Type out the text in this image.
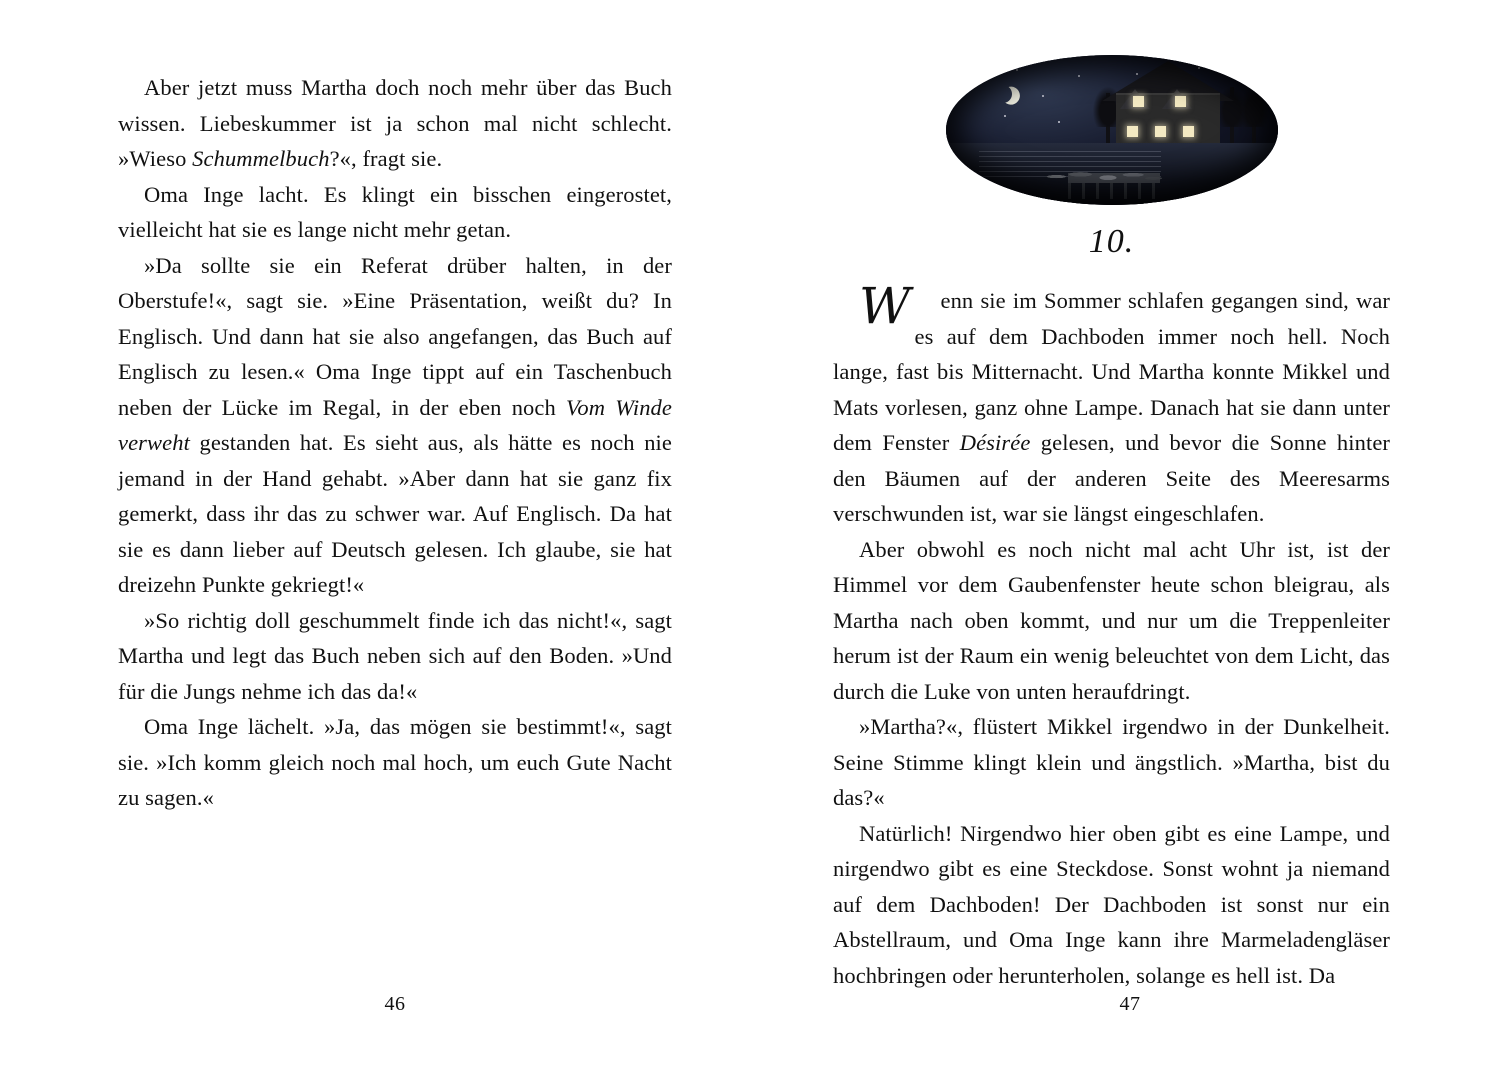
Aber jetzt muss Martha doch noch mehr über das Buch wissen. Liebeskummer ist ja schon mal nicht schlecht. »Wieso Schummelbuch?«, fragt sie.

Oma Inge lacht. Es klingt ein bisschen eingerostet, vielleicht hat sie es lange nicht mehr getan.

»Da sollte sie ein Referat drüber halten, in der Oberstufe!«, sagt sie. »Eine Präsentation, weißt du? In Englisch. Und dann hat sie also angefangen, das Buch auf Englisch zu lesen.« Oma Inge tippt auf ein Taschenbuch neben der Lücke im Regal, in der eben noch Vom Winde verweht gestanden hat. Es sieht aus, als hätte es noch nie jemand in der Hand gehabt. »Aber dann hat sie ganz fix gemerkt, dass ihr das zu schwer war. Auf Englisch. Da hat sie es dann lieber auf Deutsch gelesen. Ich glaube, sie hat dreizehn Punkte gekriegt!«

»So richtig doll geschummelt finde ich das nicht!«, sagt Martha und legt das Buch neben sich auf den Boden. »Und für die Jungs nehme ich das da!«

Oma Inge lächelt. »Ja, das mögen sie bestimmt!«, sagt sie. »Ich komm gleich noch mal hoch, um euch Gute Nacht zu sagen.«

46
10.

W enn sie im Sommer schlafen gegangen sind, war es auf dem Dachboden immer noch hell. Noch lange, fast bis Mitternacht. Und Martha konnte Mikkel und Mats vorlesen, ganz ohne Lampe. Danach hat sie dann unter dem Fenster Désirée gelesen, und bevor die Sonne hinter den Bäumen auf der anderen Seite des Meeresarms verschwunden ist, war sie längst eingeschlafen.

Aber obwohl es noch nicht mal acht Uhr ist, ist der Himmel vor dem Gaubenfenster heute schon bleigrau, als Martha nach oben kommt, und nur um die Treppenleiter herum ist der Raum ein wenig beleuchtet von dem Licht, das durch die Luke von unten heraufdringt.

»Martha?«, flüstert Mikkel irgendwo in der Dunkelheit. Seine Stimme klingt klein und ängstlich. »Martha, bist du das?«

Natürlich! Nirgendwo hier oben gibt es eine Lampe, und nirgendwo gibt es eine Steckdose. Sonst wohnt ja niemand auf dem Dachboden! Der Dachboden ist sonst nur ein Abstellraum, und Oma Inge kann ihre Marmeladengläser hochbringen oder herunterholen, solange es hell ist. Da

47
